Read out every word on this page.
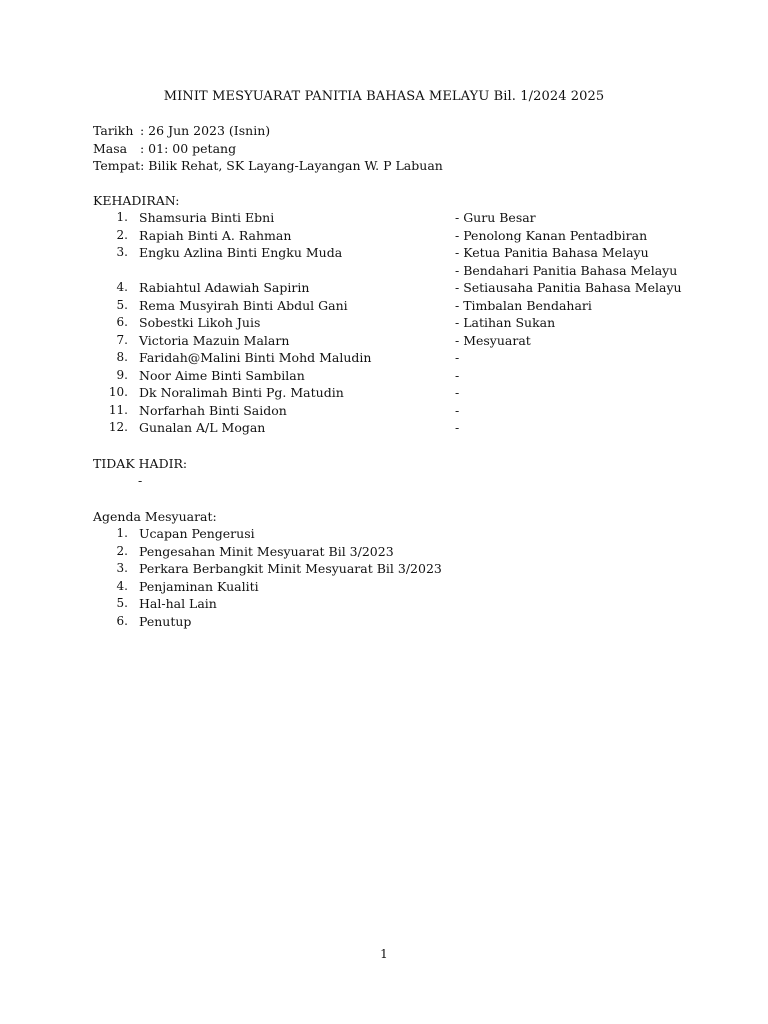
MINIT MESYUARAT PANITIA BAHASA MELAYU Bil. 1/2024 2025
Tarikh : 26 Jun 2023 (Isnin)
Masa : 01: 00 petang
Tempat: Bilik Rehat, SK Layang-Layangan W. P Labuan
KEHADIRAN:
1. Shamsuria Binti Ebni	- Guru Besar
2. Rapiah Binti A. Rahman	- Penolong Kanan Pentadbiran
3. Engku Azlina Binti Engku Muda	- Ketua Panitia Bahasa Melayu
- Bendahari Panitia Bahasa Melayu
4. Rabiahtul Adawiah Sapirin	- Setiausaha Panitia Bahasa Melayu
5. Rema Musyirah Binti Abdul Gani	- Timbalan Bendahari
6. Sobestki Likoh Juis	- Latihan Sukan
7. Victoria Mazuin Malarn	- Mesyuarat
8. Faridah@Malini Binti Mohd Maludin	-
9. Noor Aime Binti Sambilan	-
10. Dk Noralimah Binti Pg. Matudin	-
11. Norfarhah Binti Saidon	-
12. Gunalan A/L Mogan	-
TIDAK HADIR:
-
Agenda Mesyuarat:
1. Ucapan Pengerusi
2. Pengesahan Minit Mesyuarat Bil 3/2023
3. Perkara Berbangkit Minit Mesyuarat Bil 3/2023
4. Penjaminan Kualiti
5. Hal-hal Lain
6. Penutup
1
